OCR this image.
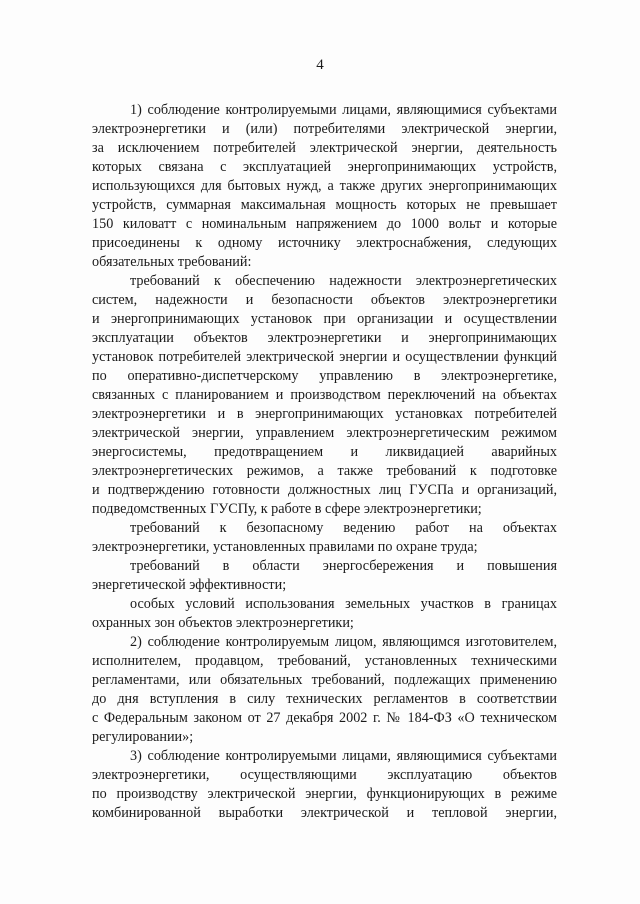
4
1) соблюдение контролируемыми лицами, являющимися субъектами
электроэнергетики и (или) потребителями электрической энергии,
за исключением потребителей электрической энергии, деятельность
которых связана с эксплуатацией энергопринимающих устройств,
использующихся для бытовых нужд, а также других энергопринимающих
устройств, суммарная максимальная мощность которых не превышает
150 киловатт с номинальным напряжением до 1000 вольт и которые
присоединены к одному источнику электроснабжения, следующих
обязательных требований:
требований к обеспечению надежности электроэнергетических
систем, надежности и безопасности объектов электроэнергетики
и энергопринимающих установок при организации и осуществлении
эксплуатации объектов электроэнергетики и энергопринимающих
установок потребителей электрической энергии и осуществлении функций
по оперативно-диспетчерскому управлению в электроэнергетике,
связанных с планированием и производством переключений на объектах
электроэнергетики и в энергопринимающих установках потребителей
электрической энергии, управлением электроэнергетическим режимом
энергосистемы, предотвращением и ликвидацией аварийных
электроэнергетических режимов, а также требований к подготовке
и подтверждению готовности должностных лиц ГУСПа и организаций,
подведомственных ГУСПу, к работе в сфере электроэнергетики;
требований к безопасному ведению работ на объектах
электроэнергетики, установленных правилами по охране труда;
требований в области энергосбережения и повышения
энергетической эффективности;
особых условий использования земельных участков в границах
охранных зон объектов электроэнергетики;
2) соблюдение контролируемым лицом, являющимся изготовителем,
исполнителем, продавцом, требований, установленных техническими
регламентами, или обязательных требований, подлежащих применению
до дня вступления в силу технических регламентов в соответствии
с Федеральным законом от 27 декабря 2002 г. № 184-ФЗ «О техническом
регулировании»;
3) соблюдение контролируемыми лицами, являющимися субъектами
электроэнергетики, осуществляющими эксплуатацию объектов
по производству электрической энергии, функционирующих в режиме
комбинированной выработки электрической и тепловой энергии,
